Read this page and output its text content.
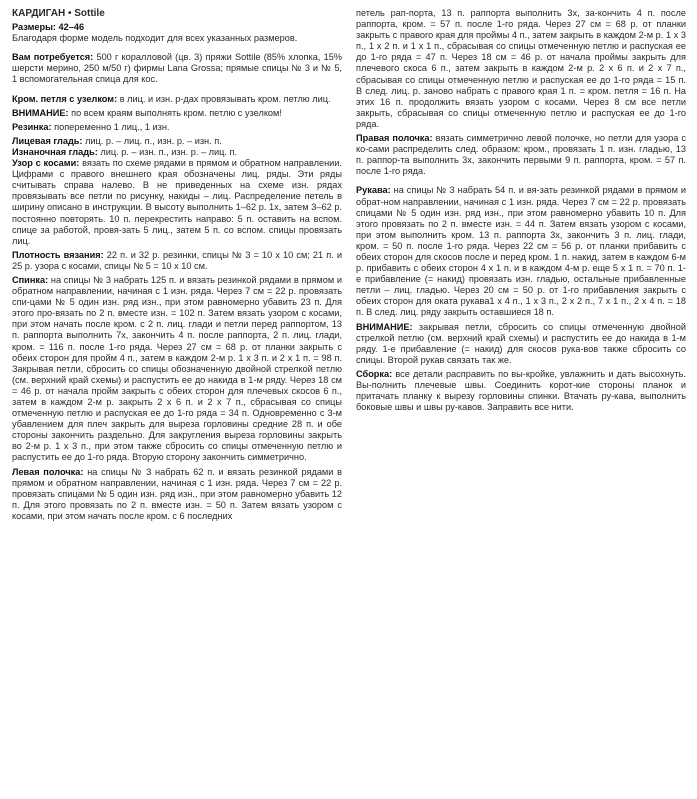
КАРДИГАН • Sottile

Размеры: 42–46

Благодаря форме модель подходит для всех указанных размеров.

Вам потребуется: 500 г коралловой (цв. 3) пряжи Sottile (85% хлопка, 15% шерсти мерино, 250 м/50 г) фирмы Lana Grossa; прямые спицы № 3 и № 5, 1 вспомогательная спица для кос.

Кром. петля с узелком: в лиц. и изн. р-дах провязывать кром. петлю лиц.

ВНИМАНИЕ: по всем краям выполнять кром. петлю с узелком!

Резинка: попеременно 1 лиц., 1 изн.

Лицевая гладь: лиц. р. – лиц. п., изн. р. – изн. п.

Изнаночная гладь: лиц. р. – изн. п., изн. р. – лиц. п.

Узор с косами: вязать по схеме рядами в прямом и обратном направлении. Цифрами с правого внешнего края обозначены лиц. ряды. Эти ряды считывать справа налево. В не приведенных на схеме изн. рядах провязывать все петли по рисунку, накиды – лиц. Распределение петель в ширину описано в инструкции. В высоту выполнить 1–62 р. 1х, затем 3–62 р. постоянно повторять. 10 п. перекрестить направо: 5 п. оставить на вспом. спице за работой, провя-зать 5 лиц., затем 5 п. со вспом. спицы провязать лиц.

Плотность вязания: 22 п. и 32 р. резинки, спицы № 3 = 10 х 10 см; 21 п. и 25 р. узора с косами, спицы № 5 = 10 х 10 см.

Спинка: на спицы № 3 набрать 125 п. и вязать резинкой рядами в прямом и обратном направлении, начиная с 1 изн. ряда. Через 7 см = 22 р. провязать спи-цами № 5 один изн. ряд изн., при этом равномерно убавить 23 п. Для этого про-вязать по 2 п. вместе изн. = 102 п. Затем вязать узором с косами, при этом начать после кром. с 2 п. лиц. глади и петли перед раппортом, 13 п. раппорта выполнить 7х, закончить 4 п. после раппорта, 2 п. лиц. глади, кром. = 116 п. после 1-го ряда. Через 27 см = 68 р. от планки закрыть с обеих сторон для пройм 4 п., затем в каждом 2-м р. 1 х 3 п. и 2 х 1 п. = 98 п. Закрывая петли, сбросить со спицы обозначенную двойной стрелкой петлю (см. верхний край схемы) и распустить ее до накида в 1-м ряду. Через 18 см = 46 р. от начала пройм закрыть с обеих сторон для плечевых скосов 6 п., затем в каждом 2-м р. закрыть 2 х 6 п. и 2 х 7 п., сбрасывая со спицы отмеченную петлю и распуская ее до 1-го ряда = 34 п. Одновременно с 3-м убавлением для плеч закрыть для выреза горловины средние 28 п. и обе стороны закончить раздельно. Для закругления выреза горловины закрыть во 2-м р. 1 х 3 п., при этом также сбросить со спицы отмеченную петлю и распустить ее до 1-го ряда. Вторую сторону закончить симметрично.

Левая полочка: на спицы № 3 набрать 62 п. и вязать резинкой рядами в прямом и обратном направлении, начиная с 1 изн. ряда. Через 7 см = 22 р. провязать спицами № 5 один изн. ряд изн., при этом равномерно убавить 12 п. Для этого провязать по 2 п. вместе изн. = 50 п. Затем вязать узором с косами, при этом начать после кром. с 6 последних

петель рап-порта, 13 п. раппорта выполнить 3х, за-кончить 4 п. после раппорта, кром. = 57 п. после 1-го ряда. Через 27 см = 68 р. от планки закрыть с правого края для проймы 4 п., затем закрыть в каждом 2-м р. 1 х 3 п., 1 х 2 п. и 1 х 1 п., сбрасывая со спицы отмеченную петлю и распуская ее до 1-го ряда = 47 п. Через 18 см = 46 р. от начала проймы закрыть для плечевого скоса 6 п., затем закрыть в каждом 2-м р. 2 х 6 п. и 2 х 7 п., сбрасывая со спицы отмеченную петлю и распуская ее до 1-го ряда = 15 п. В след. лиц. р. заново набрать с правого края 1 п. = кром. петля = 16 п. На этих 16 п. продолжить вязать узором с косами. Через 8 см все петли закрыть, сбрасывая со спицы отмеченную петлю и распуская ее до 1-го ряда.

Правая полочка: вязать симметрично левой полочке, но петли для узора с ко-сами распределить след. образом: кром., провязать 1 п. изн. гладью, 13 п. раппор-та выполнить 3х, закончить первыми 9 п. раппорта, кром. = 57 п. после 1-го ряда.

Рукава: на спицы № 3 набрать 54 п. и вя-зать резинкой рядами в прямом и обрат-ном направлении, начиная с 1 изн. ряда. Через 7 см = 22 р. провязать спицами № 5 один изн. ряд изн., при этом равномерно убавить 10 п. Для этого провязать по 2 п. вместе изн. = 44 п. Затем вязать узором с косами, при этом выполнить кром. 13 п. раппорта 3х, закончить 3 п. лиц. глади, кром. = 50 п. после 1-го ряда. Через 22 см = 56 р. от планки прибавить с обеих сторон для скосов после и перед кром. 1 п. накид, затем в каждом 6-м р. прибавить с обеих сторон 4 х 1 п. и в каждом 4-м р. еще 5 х 1 п. = 70 п. 1-е прибавление (= накид) провязать изн. гладью, остальные прибавленные петли – лиц. гладью. Через 20 см = 50 р. от 1-го прибавления закрыть с обеих сторон для оката рукава1 х 4 п., 1 х 3 п., 2 х 2 п., 7 х 1 п., 2 х 4 п. = 18 п. В след. лиц. ряду закрыть оставшиеся 18 п.

ВНИМАНИЕ: закрывая петли, сбросить со спицы отмеченную двойной стрелкой петлю (см. верхний край схемы) и распустить ее до накида в 1-м ряду. 1-е прибавление (= накид) для скосов рука-вов также сбросить со спицы. Второй рукав связать так же.

Сборка: все детали расправить по вы-кройке, увлажнить и дать высохнуть. Вы-полнить плечевые швы. Соединить корот-кие стороны планок и притачать планку к вырезу горловины спинки. Втачать ру-кава, выполнить боковые швы и швы ру-кавов. Заправить все нити.
